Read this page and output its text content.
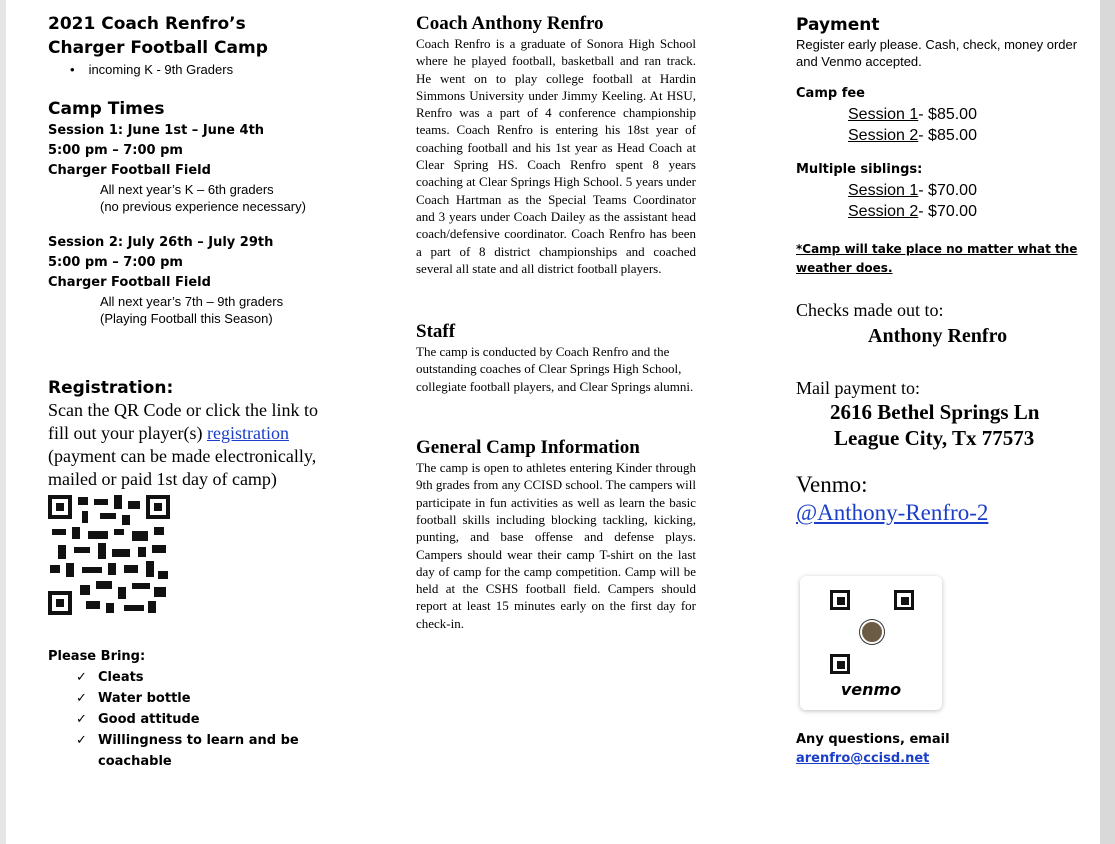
2021 Coach Renfro’s
Charger Football Camp
• incoming K - 9th Graders
Camp Times
Session 1: June 1st – June 4th
5:00 pm – 7:00 pm
Charger Football Field
All next year’s K – 6th graders
(no previous experience necessary)
Session 2: July 26th – July 29th
5:00 pm – 7:00 pm
Charger Football Field
All next year’s 7th – 9th graders
(Playing Football this Season)
Registration:
Scan the QR Code or click the link to fill out your player(s) registration (payment can be made electronically, mailed or paid 1st day of camp)
Please Bring:
✓ Cleats
✓ Water bottle
✓ Good attitude
✓ Willingness to learn and be coachable
Coach Anthony Renfro
Coach Renfro is a graduate of Sonora High School where he played football, basketball and ran track. He went on to play college football at Hardin Simmons University under Jimmy Keeling. At HSU, Renfro was a part of 4 conference championship teams. Coach Renfro is entering his 18st year of coaching football and his 1st year as Head Coach at Clear Spring HS. Coach Renfro spent 8 years coaching at Clear Springs High School. 5 years under Coach Hartman as the Special Teams Coordinator and 3 years under Coach Dailey as the assistant head coach/defensive coordinator. Coach Renfro has been a part of 8 district championships and coached several all state and all district football players.
Staff
The camp is conducted by Coach Renfro and the outstanding coaches of Clear Springs High School, collegiate football players, and Clear Springs alumni.
General Camp Information
The camp is open to athletes entering Kinder through 9th grades from any CCISD school. The campers will participate in fun activities as well as learn the basic football skills including blocking tackling, kicking, punting, and base offense and defense plays. Campers should wear their camp T-shirt on the last day of camp for the camp competition. Camp will be held at the CSHS football field. Campers should report at least 15 minutes early on the first day for check-in.
Payment
Register early please. Cash, check, money order and Venmo accepted.
Camp fee
Session 1- $85.00
Session 2- $85.00
Multiple siblings:
Session 1- $70.00
Session 2- $70.00
*Camp will take place no matter what the weather does.
Checks made out to:
Anthony Renfro
Mail payment to:
2616 Bethel Springs Ln
League City, Tx 77573
Venmo:
@Anthony-Renfro-2
venmo
Any questions, email
arenfro@ccisd.net
